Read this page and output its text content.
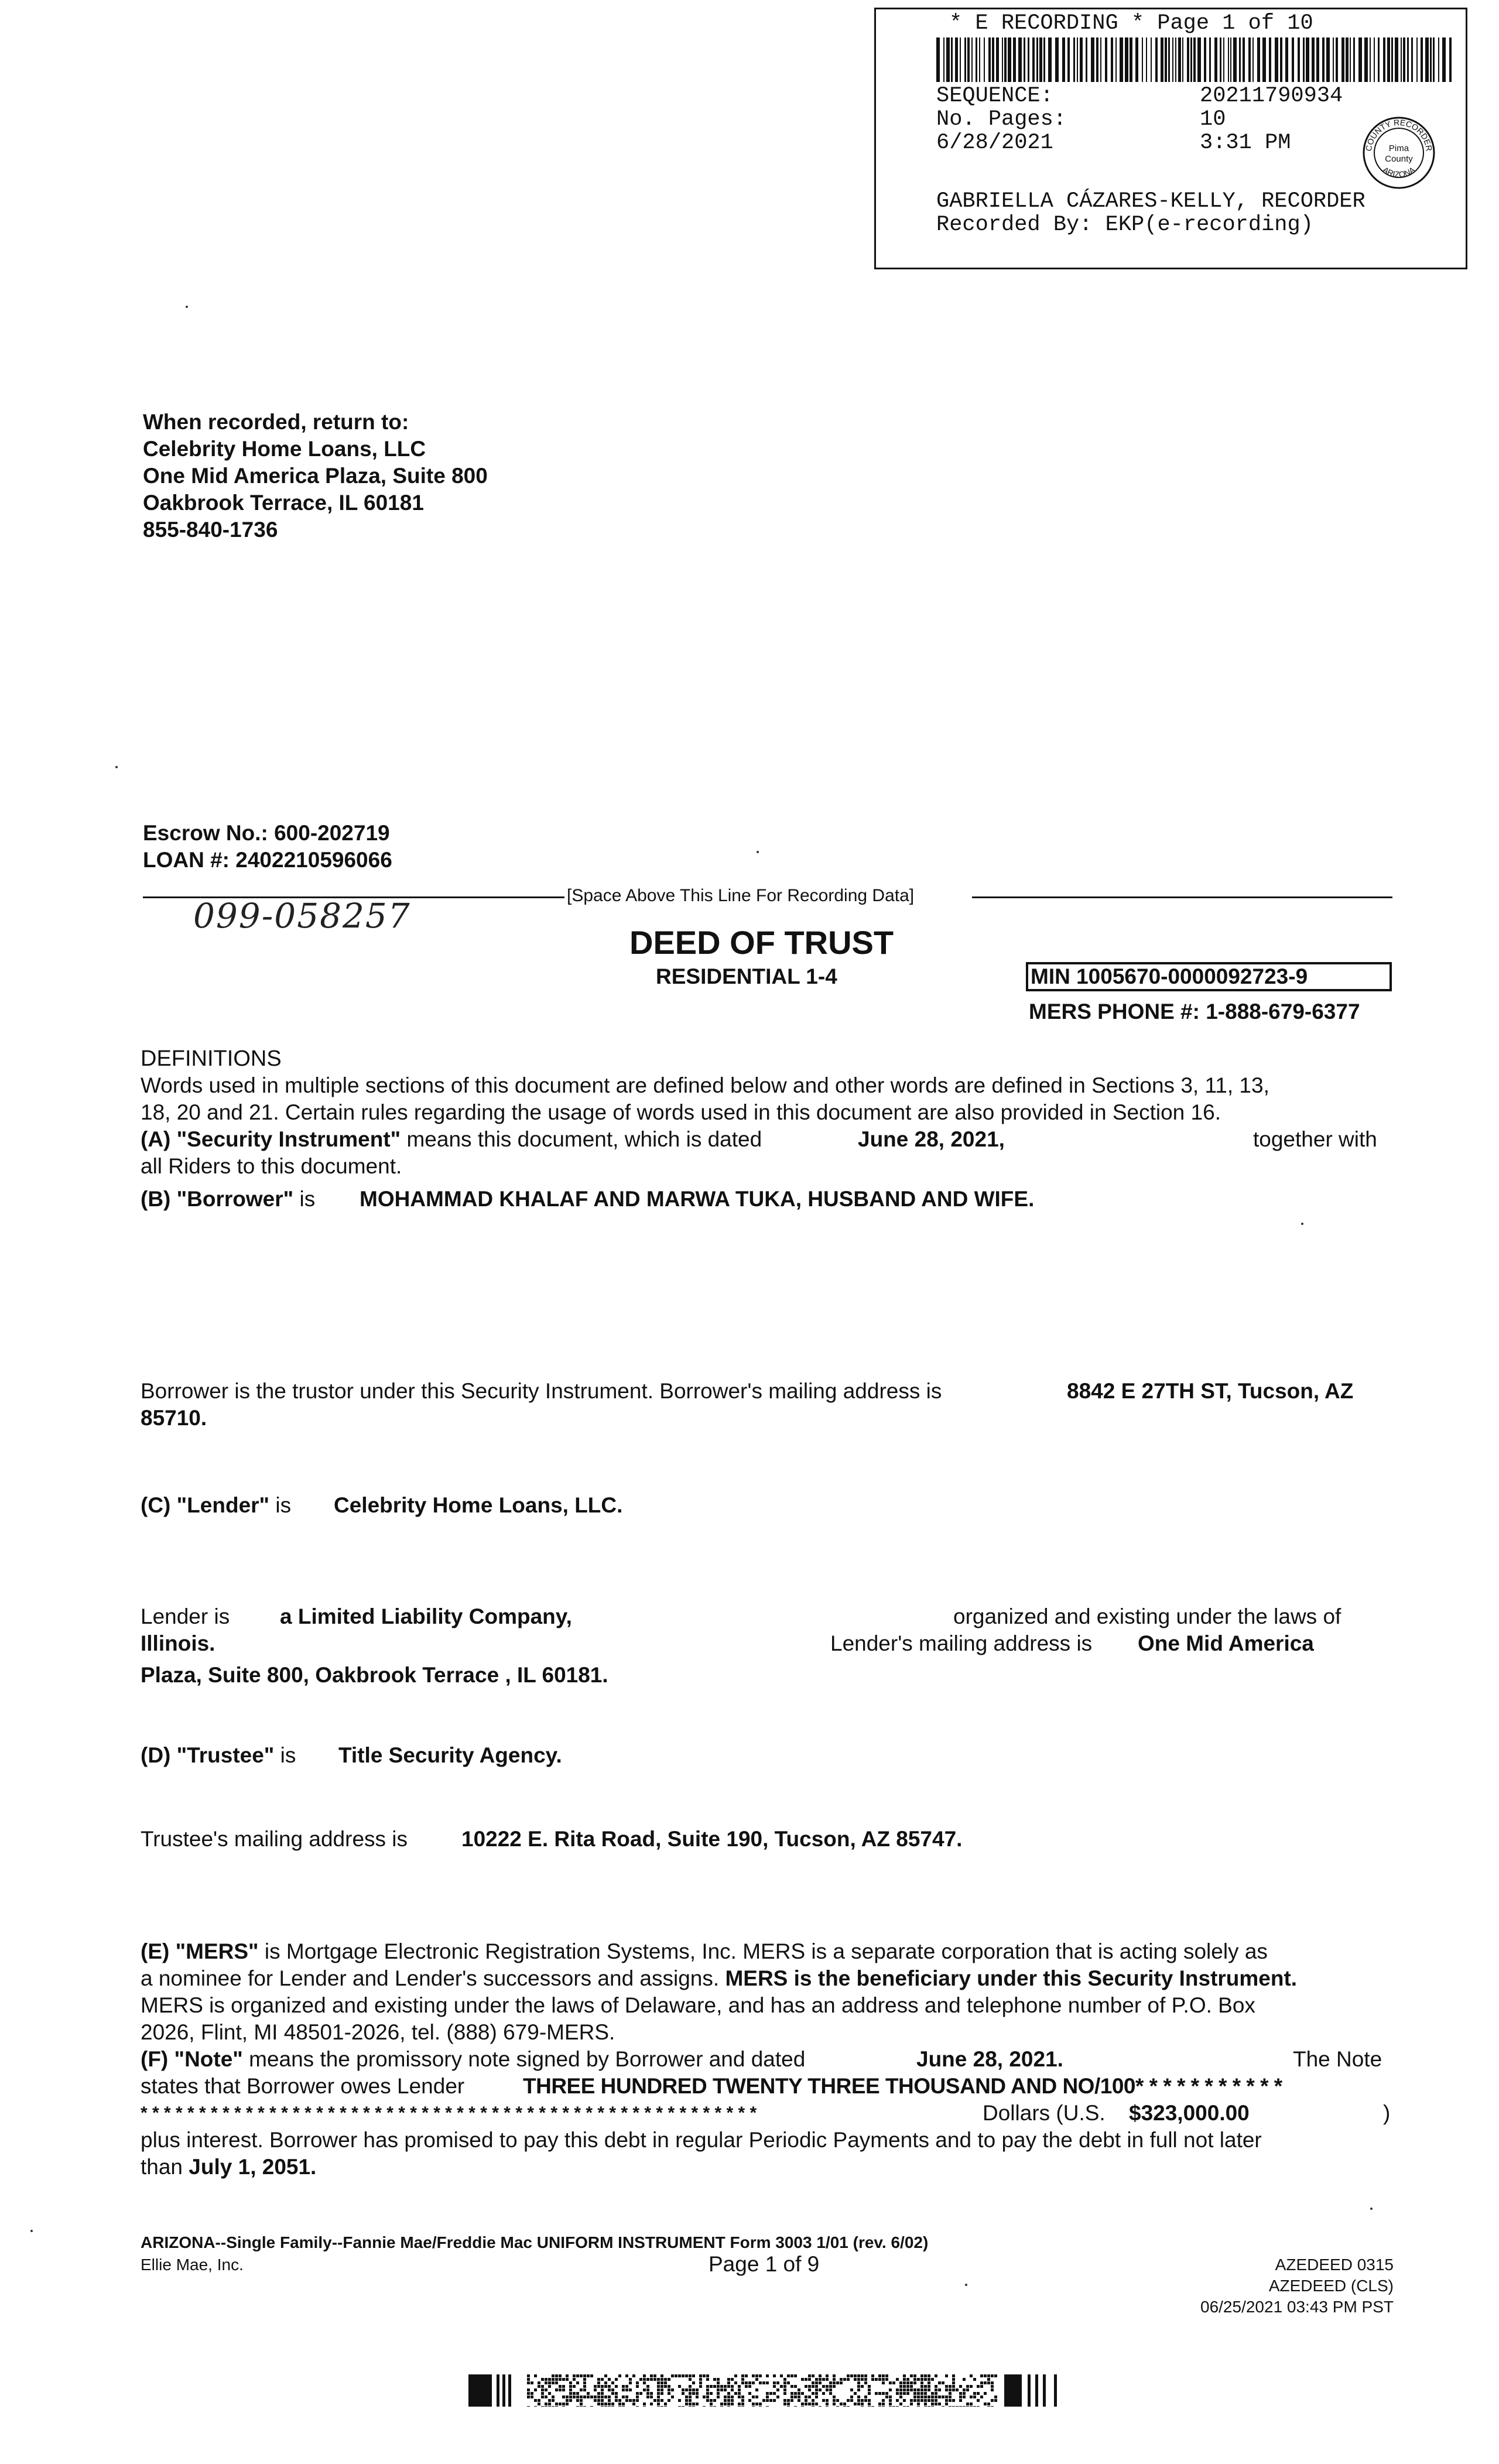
* E RECORDING * Page 1 of 10
SEQUENCE:	20211790934
No. Pages:	10
6/28/2021	3:31 PM	COUNTY RECORDER
ARIZONA
Pima
County
GABRIELLA CÁZARES-KELLY, RECORDER
Recorded By: EKP(e-recording)
When recorded, return to:
Celebrity Home Loans, LLC
One Mid America Plaza, Suite 800
Oakbrook Terrace, IL 60181
855-840-1736
Escrow No.: 600-202719
LOAN #: 2402210596066
[Space Above This Line For Recording Data]
099-058257
DEED OF TRUST
RESIDENTIAL 1-4	MIN 1005670-0000092723-9
MERS PHONE #: 1-888-679-6377
DEFINITIONS
Words used in multiple sections of this document are defined below and other words are defined in Sections 3, 11, 13,
18, 20 and 21. Certain rules regarding the usage of words used in this document are also provided in Section 16.
(A) "Security Instrument" means this document, which is dated	June 28, 2021,	together with
all Riders to this document.
(B) "Borrower" is MOHAMMAD KHALAF AND MARWA TUKA, HUSBAND AND WIFE.
Borrower is the trustor under this Security Instrument. Borrower's mailing address is	8842 E 27TH ST, Tucson, AZ
85710.
(C) "Lender" is Celebrity Home Loans, LLC.
Lender is a Limited Liability Company,	organized and existing under the laws of
Illinois.	Lender's mailing address is One Mid America
Plaza, Suite 800, Oakbrook Terrace , IL 60181.
(D) "Trustee" is Title Security Agency.
Trustee's mailing address is 10222 E. Rita Road, Suite 190, Tucson, AZ 85747.
(E) "MERS" is Mortgage Electronic Registration Systems, Inc. MERS is a separate corporation that is acting solely as
a nominee for Lender and Lender's successors and assigns. MERS is the beneficiary under this Security Instrument.
MERS is organized and existing under the laws of Delaware, and has an address and telephone number of P.O. Box
2026, Flint, MI 48501-2026, tel. (888) 679-MERS.
(F) "Note" means the promissory note signed by Borrower and dated	June 28, 2021.	The Note
states that Borrower owes Lender	THREE HUNDRED TWENTY THREE THOUSAND AND NO/100* * * * * * * * * * *
* * * * * * * * * * * * * * * * * * * * * * * * * * * * * * * * * * * * * * * * * * * * * * * * * * * * *	Dollars (U.S. $323,000.00	)
plus interest. Borrower has promised to pay this debt in regular Periodic Payments and to pay the debt in full not later
than July 1, 2051.
ARIZONA--Single Family--Fannie Mae/Freddie Mac UNIFORM INSTRUMENT Form 3003 1/01 (rev. 6/02)
Ellie Mae, Inc.	Page 1 of 9	AZEDEED 0315
AZEDEED (CLS)
06/25/2021 03:43 PM PST
